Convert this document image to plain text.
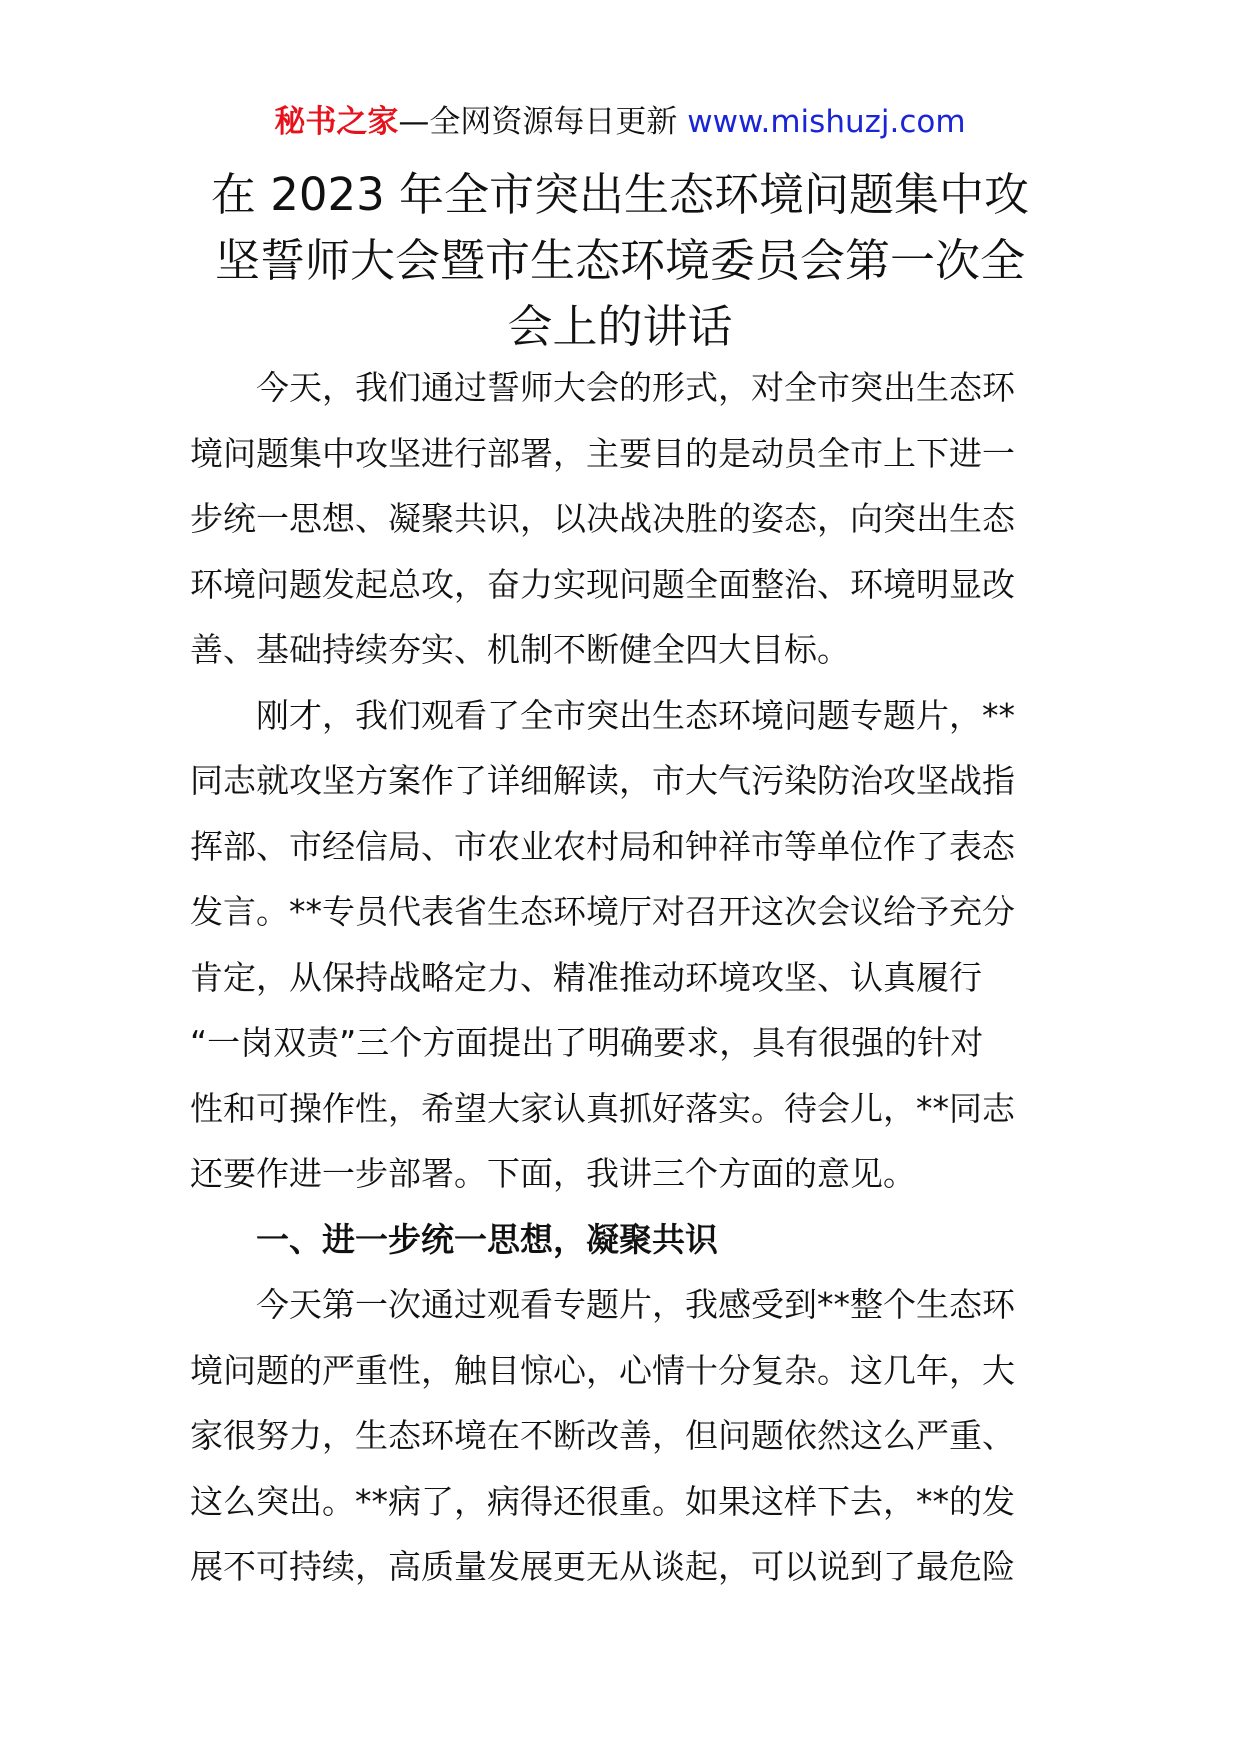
秘书之家—全网资源每日更新 www.mishuzj.com
在 2023 年全市突出生态环境问题集中攻
坚誓师大会暨市生态环境委员会第一次全
会上的讲话
今天，我们通过誓师大会的形式，对全市突出生态环
境问题集中攻坚进行部署，主要目的是动员全市上下进一
步统一思想、凝聚共识，以决战决胜的姿态，向突出生态
环境问题发起总攻，奋力实现问题全面整治、环境明显改
善、基础持续夯实、机制不断健全四大目标。
刚才，我们观看了全市突出生态环境问题专题片，**
同志就攻坚方案作了详细解读，市大气污染防治攻坚战指
挥部、市经信局、市农业农村局和钟祥市等单位作了表态
发言。**专员代表省生态环境厅对召开这次会议给予充分
肯定，从保持战略定力、精准推动环境攻坚、认真履行
“一岗双责”三个方面提出了明确要求，具有很强的针对
性和可操作性，希望大家认真抓好落实。待会儿，**同志
还要作进一步部署。下面，我讲三个方面的意见。
一、进一步统一思想，凝聚共识
今天第一次通过观看专题片，我感受到**整个生态环
境问题的严重性，触目惊心，心情十分复杂。这几年，大
家很努力，生态环境在不断改善，但问题依然这么严重、
这么突出。**病了，病得还很重。如果这样下去，**的发
展不可持续，高质量发展更无从谈起，可以说到了最危险
